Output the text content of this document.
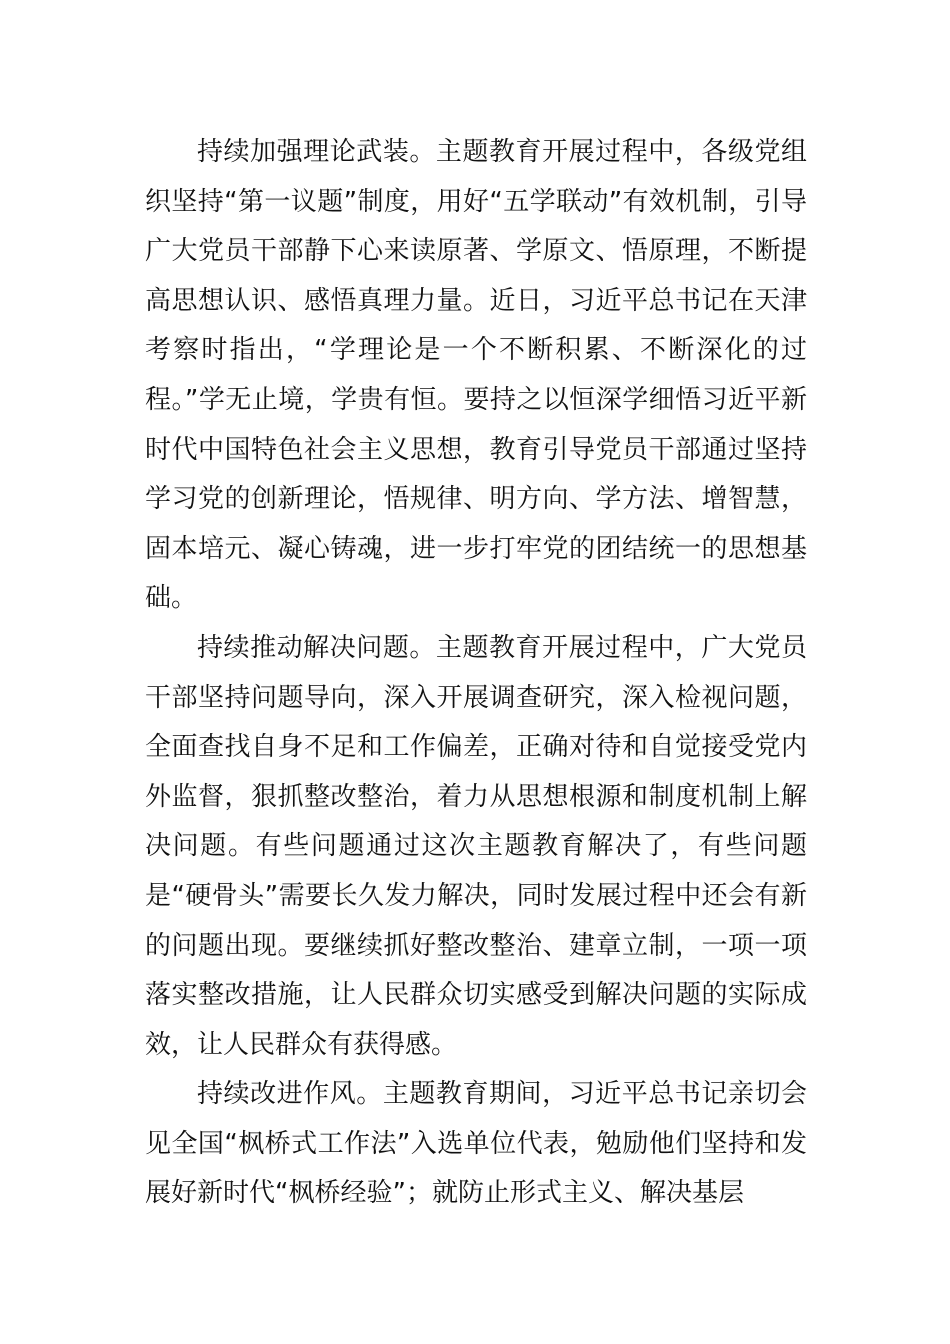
持续加强理论武装。主题教育开展过程中，各级党组织坚持“第一议题”制度，用好“五学联动”有效机制，引导广大党员干部静下心来读原著、学原文、悟原理，不断提高思想认识、感悟真理力量。近日，习近平总书记在天津考察时指出，“学理论是一个不断积累、不断深化的过程。”学无止境，学贵有恒。要持之以恒深学细悟习近平新时代中国特色社会主义思想，教育引导党员干部通过坚持学习党的创新理论，悟规律、明方向、学方法、增智慧，固本培元、凝心铸魂，进一步打牢党的团结统一的思想基础。

持续推动解决问题。主题教育开展过程中，广大党员干部坚持问题导向，深入开展调查研究，深入检视问题，全面查找自身不足和工作偏差，正确对待和自觉接受党内外监督，狠抓整改整治，着力从思想根源和制度机制上解决问题。有些问题通过这次主题教育解决了，有些问题是“硬骨头”需要长久发力解决，同时发展过程中还会有新的问题出现。要继续抓好整改整治、建章立制，一项一项落实整改措施，让人民群众切实感受到解决问题的实际成效，让人民群众有获得感。

持续改进作风。主题教育期间，习近平总书记亲切会见全国“枫桥式工作法”入选单位代表，勉励他们坚持和发展好新时代“枫桥经验”；就防止形式主义、解决基层
